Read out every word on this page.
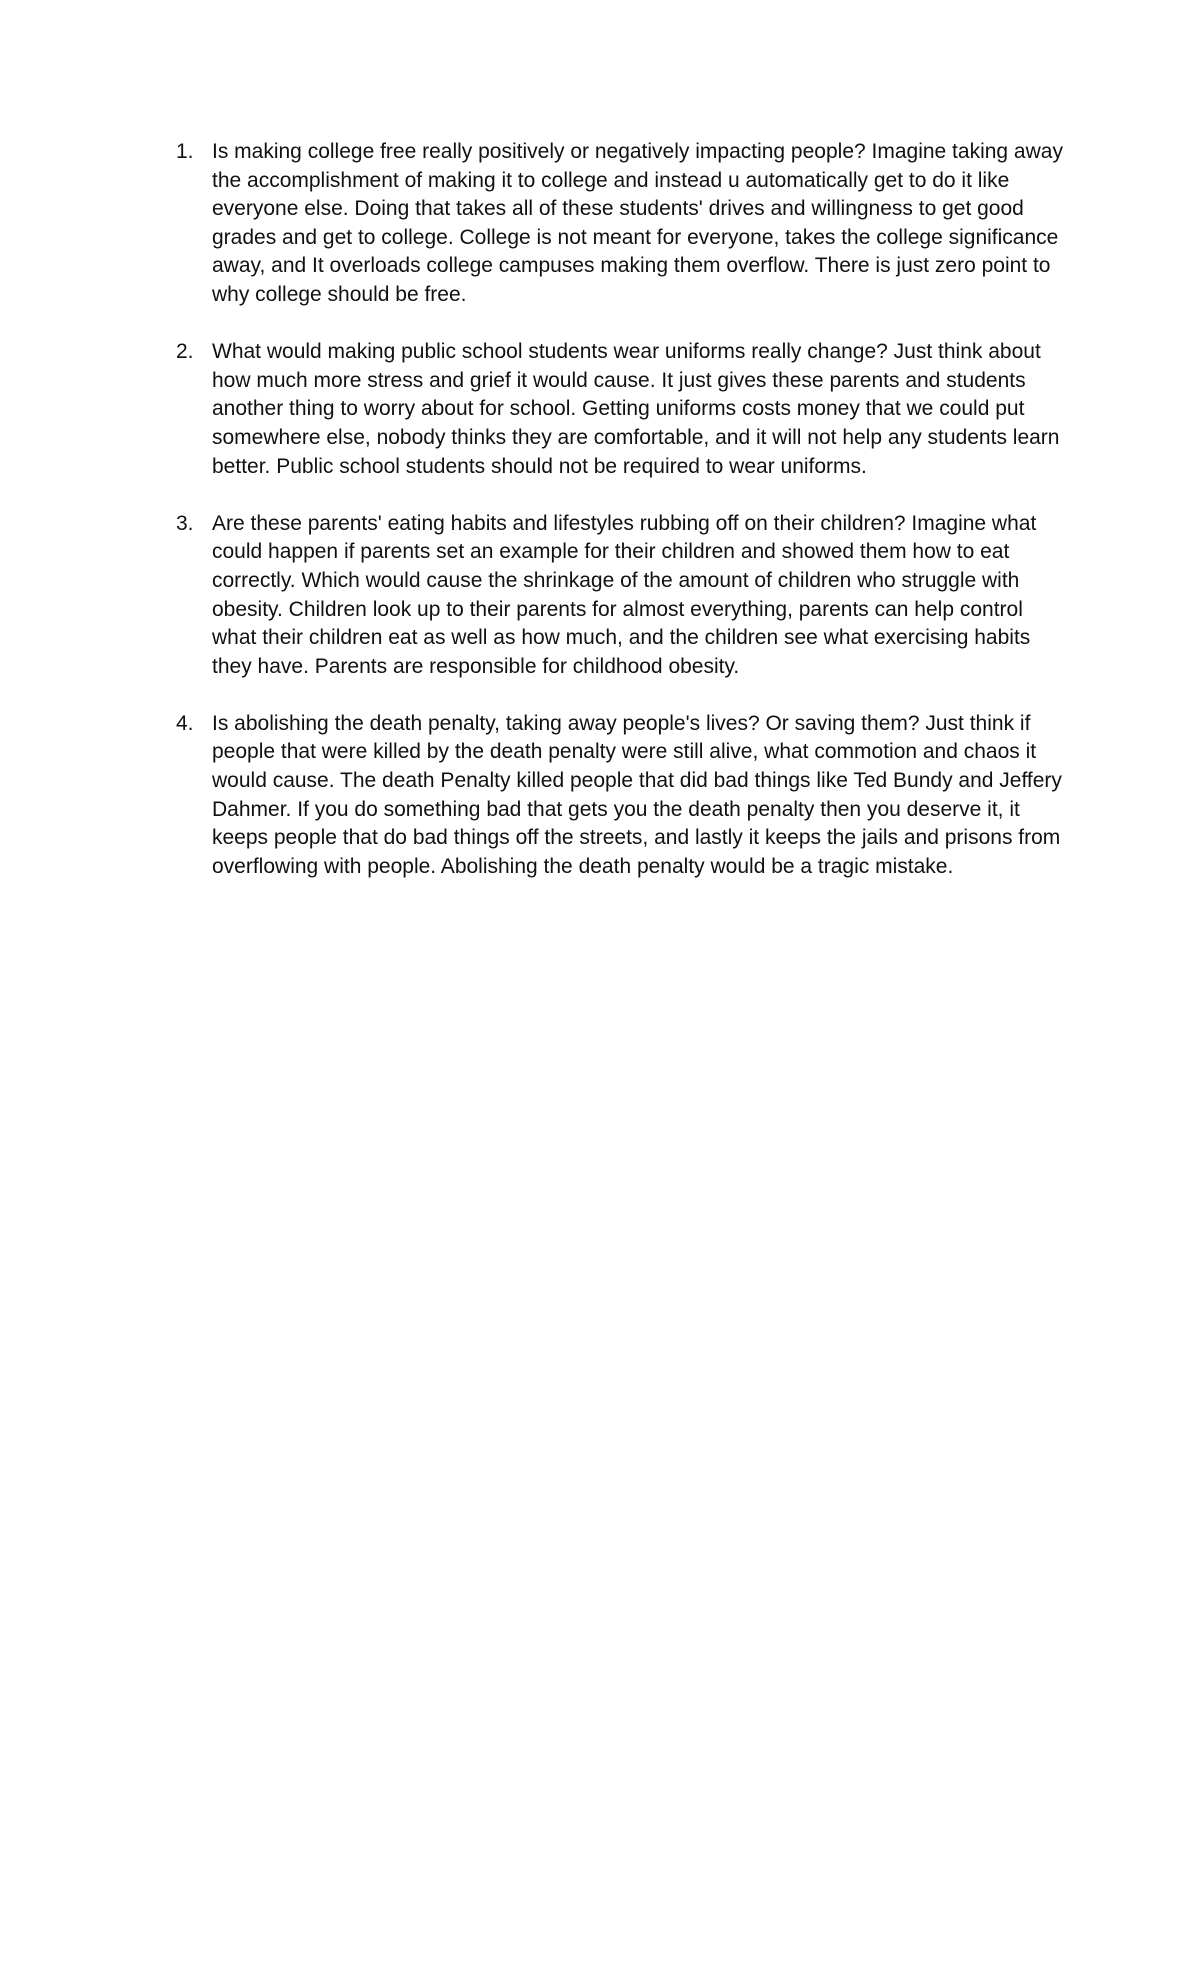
1. Is making college free really positively or negatively impacting people? Imagine taking away the accomplishment of making it to college and instead u automatically get to do it like everyone else. Doing that takes all of these students' drives and willingness to get good grades and get to college. College is not meant for everyone, takes the college significance away, and It overloads college campuses making them overflow. There is just zero point to why college should be free.
2. What would making public school students wear uniforms really change? Just think about how much more stress and grief it would cause. It just gives these parents and students another thing to worry about for school. Getting uniforms costs money that we could put somewhere else, nobody thinks they are comfortable, and it will not help any students learn better. Public school students should not be required to wear uniforms.
3. Are these parents' eating habits and lifestyles rubbing off on their children? Imagine what could happen if parents set an example for their children and showed them how to eat correctly. Which would cause the shrinkage of the amount of children who struggle with obesity. Children look up to their parents for almost everything, parents can help control what their children eat as well as how much, and the children see what exercising habits they have. Parents are responsible for childhood obesity.
4. Is abolishing the death penalty, taking away people's lives? Or saving them? Just think if people that were killed by the death penalty were still alive, what commotion and chaos it would cause. The death Penalty killed people that did bad things like Ted Bundy and Jeffery Dahmer. If you do something bad that gets you the death penalty then you deserve it, it keeps people that do bad things off the streets, and lastly it keeps the jails and prisons from overflowing with people. Abolishing the death penalty would be a tragic mistake.
